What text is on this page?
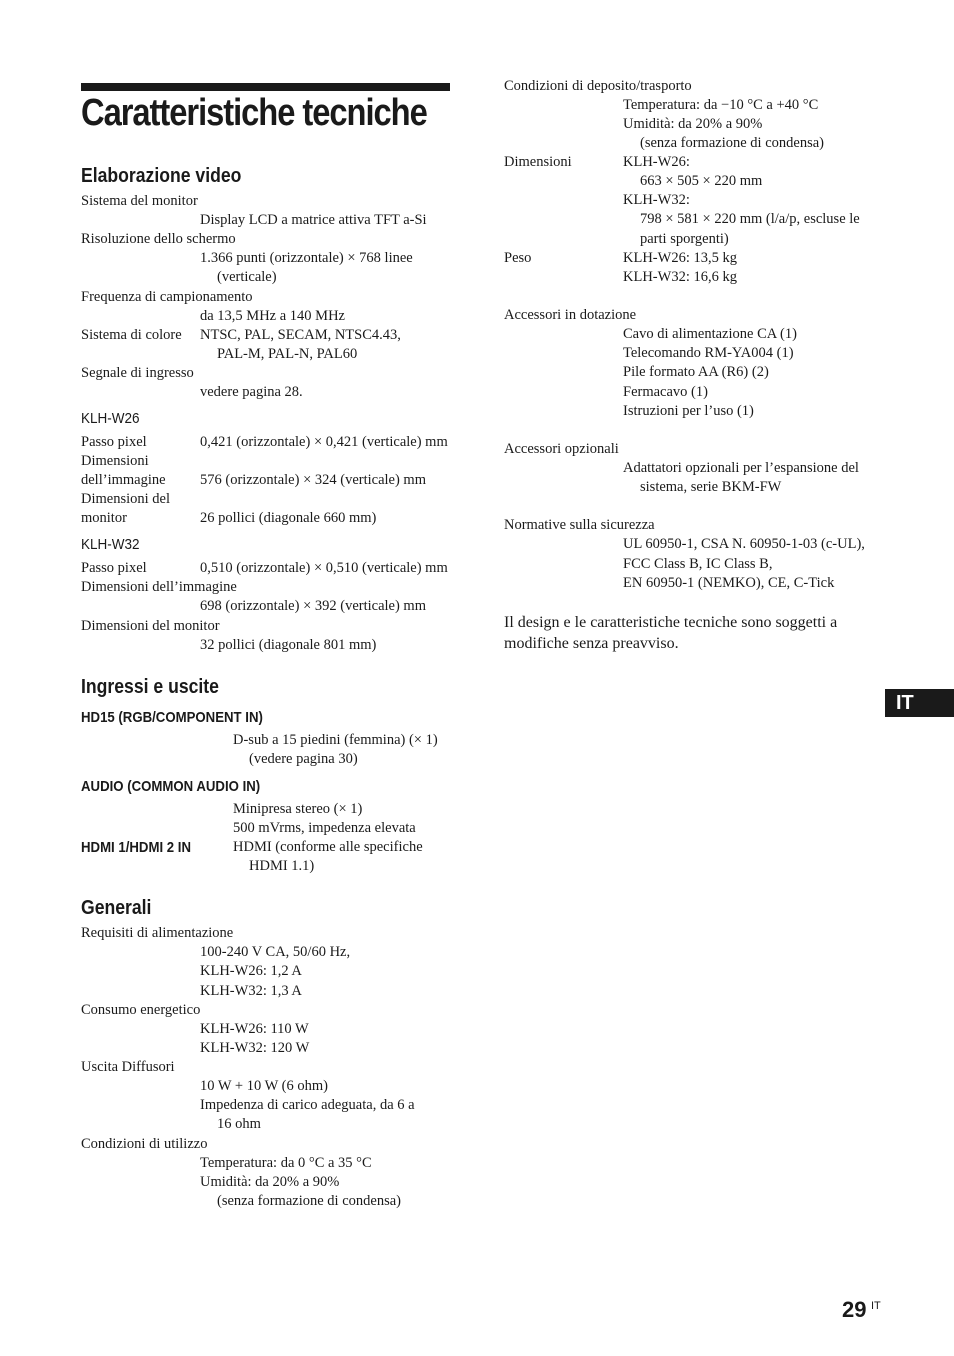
Caratteristiche tecniche
Elaborazione video
Sistema del monitor
Display LCD a matrice attiva TFT a-Si
Risoluzione dello schermo
1.366 punti (orizzontale) × 768 linee
(verticale)
Frequenza di campionamento
da 13,5 MHz a 140 MHz
Sistema di colore NTSC, PAL, SECAM, NTSC4.43,
PAL-M, PAL-N, PAL60
Segnale di ingresso
vedere pagina 28.
KLH-W26
Passo pixel	0,421 (orizzontale) × 0,421 (verticale) mm
Dimensioni
dell’immagine 576 (orizzontale) × 324 (verticale) mm
Dimensioni del
monitor	26 pollici (diagonale 660 mm)
KLH-W32
Passo pixel	0,510 (orizzontale) × 0,510 (verticale) mm
Dimensioni dell’immagine
698 (orizzontale) × 392 (verticale) mm
Dimensioni del monitor
32 pollici (diagonale 801 mm)
Ingressi e uscite
HD15 (RGB/COMPONENT IN)
D-sub a 15 piedini (femmina) (× 1)
(vedere pagina 30)
AUDIO (COMMON AUDIO IN)
Minipresa stereo (× 1)
500 mVrms, impedenza elevata
HDMI 1/HDMI 2 IN	HDMI (conforme alle specifiche
HDMI 1.1)
Generali
Requisiti di alimentazione
100-240 V CA, 50/60 Hz,
KLH-W26: 1,2 A
KLH-W32: 1,3 A
Consumo energetico
KLH-W26: 110 W
KLH-W32: 120 W
Uscita Diffusori
10 W + 10 W (6 ohm)
Impedenza di carico adeguata, da 6 a
16 ohm
Condizioni di utilizzo
Temperatura: da 0 °C a 35 °C
Umidità: da 20% a 90%
(senza formazione di condensa)
Condizioni di deposito/trasporto
Temperatura: da −10 °C a +40 °C
Umidità: da 20% a 90%
(senza formazione di condensa)
Dimensioni	KLH-W26:
663 × 505 × 220 mm
KLH-W32:
798 × 581 × 220 mm (l/a/p, escluse le
parti sporgenti)
Peso	KLH-W26: 13,5 kg
KLH-W32: 16,6 kg
Accessori in dotazione
Cavo di alimentazione CA (1)
Telecomando RM-YA004 (1)
Pile formato AA (R6) (2)
Fermacavo (1)
Istruzioni per l’uso (1)
Accessori opzionali
Adattatori opzionali per l’espansione del
sistema, serie BKM-FW
Normative sulla sicurezza
UL 60950-1, CSA N. 60950-1-03 (c-UL),
FCC Class B, IC Class B,
EN 60950-1 (NEMKO), CE, C-Tick
Il design e le caratteristiche tecniche sono soggetti a modifiche senza preavviso.
IT
29 IT
